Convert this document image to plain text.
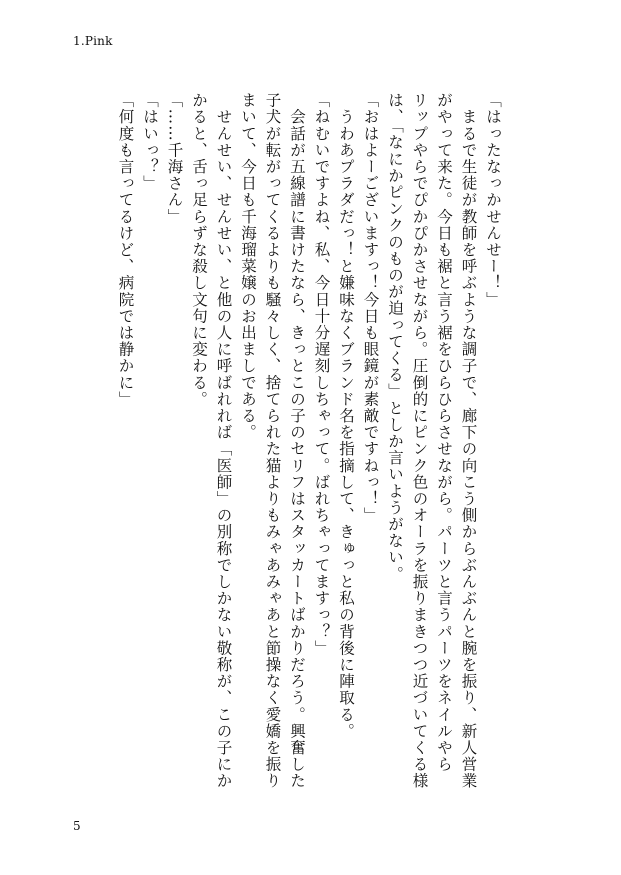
1.Pink
「はったなっかせんせー！」
　まるで生徒が教師を呼ぶような調子で、廊下の向こう側からぶんぶんと腕を振り、新人営業
がやって来た。今日も裾と言う裾をひらひらさせながら。パーツと言うパーツをネイルやら
リップやらでぴかぴかさせながら。圧倒的にピンク色のオーラを振りまきつつ近づいてくる様
は、「なにかピンクのものが迫ってくる」としか言いようがない。
「おはよーございますっ！今日も眼鏡が素敵ですねっ！」
　うわあプラダだっ！と嫌味なくブランド名を指摘して、きゅっと私の背後に陣取る。
「ねむいですよね、私、今日十分遅刻しちゃって。ばれちゃってますっ？」
　会話が五線譜に書けたなら、きっとこの子のセリフはスタッカートばかりだろう。興奮した
子犬が転がってくるよりも騒々しく、捨てられた猫よりもみゃあみゃあと節操なく愛嬌を振り
まいて、今日も千海瑠菜嬢のお出ましである。
　せんせい、せんせい、と他の人に呼ばれれば「医師」の別称でしかない敬称が、この子にか
かると、舌っ足らずな殺し文句に変わる。
「……千海さん」
「はいっ？」
「何度も言ってるけど、病院では静かに」
5
